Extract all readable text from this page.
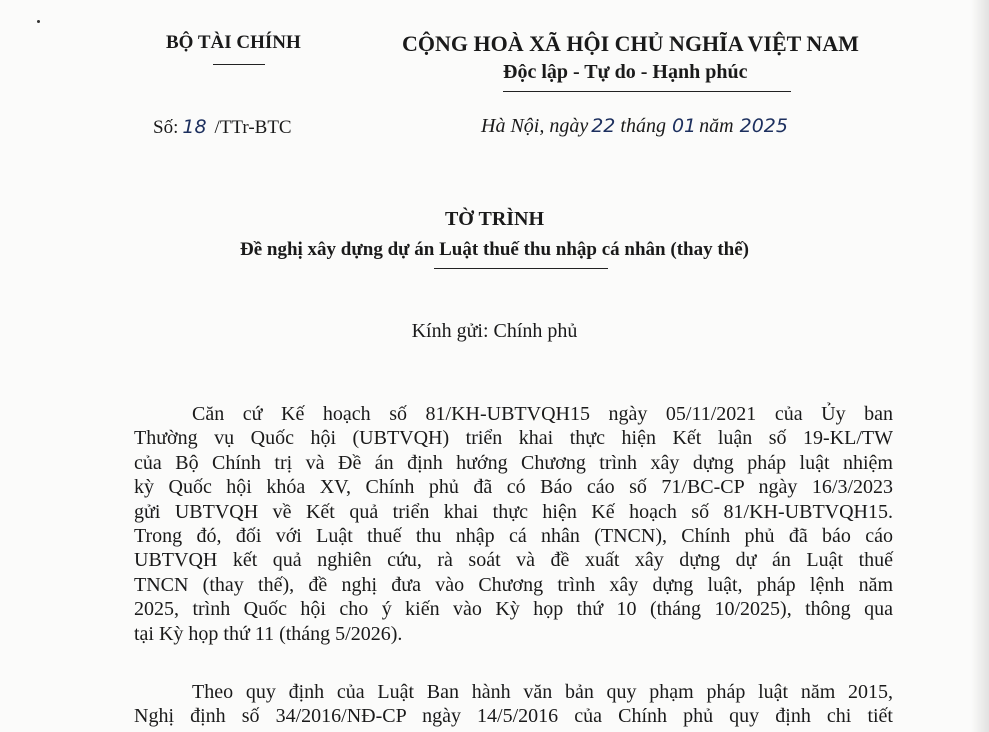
BỘ TÀI CHÍNH	CỘNG HOÀ XÃ HỘI CHỦ NGHĨA VIỆT NAM
Độc lập - Tự do - Hạnh phúc
Số: 18 /TTr-BTC	Hà Nội, ngày 22 tháng 01 năm 2025
TỜ TRÌNH
Đề nghị xây dựng dự án Luật thuế thu nhập cá nhân (thay thế)
Kính gửi: Chính phủ
Căn cứ Kế hoạch số 81/KH-UBTVQH15 ngày 05/11/2021 của Ủy ban
Thường vụ Quốc hội (UBTVQH) triển khai thực hiện Kết luận số 19-KL/TW
của Bộ Chính trị và Đề án định hướng Chương trình xây dựng pháp luật nhiệm
kỳ Quốc hội khóa XV, Chính phủ đã có Báo cáo số 71/BC-CP ngày 16/3/2023
gửi UBTVQH về Kết quả triển khai thực hiện Kế hoạch số 81/KH-UBTVQH15.
Trong đó, đối với Luật thuế thu nhập cá nhân (TNCN), Chính phủ đã báo cáo
UBTVQH kết quả nghiên cứu, rà soát và đề xuất xây dựng dự án Luật thuế
TNCN (thay thế), đề nghị đưa vào Chương trình xây dựng luật, pháp lệnh năm
2025, trình Quốc hội cho ý kiến vào Kỳ họp thứ 10 (tháng 10/2025), thông qua
tại Kỳ họp thứ 11 (tháng 5/2026).
Theo quy định của Luật Ban hành văn bản quy phạm pháp luật năm 2015,
Nghị định số 34/2016/NĐ-CP ngày 14/5/2016 của Chính phủ quy định chi tiết
